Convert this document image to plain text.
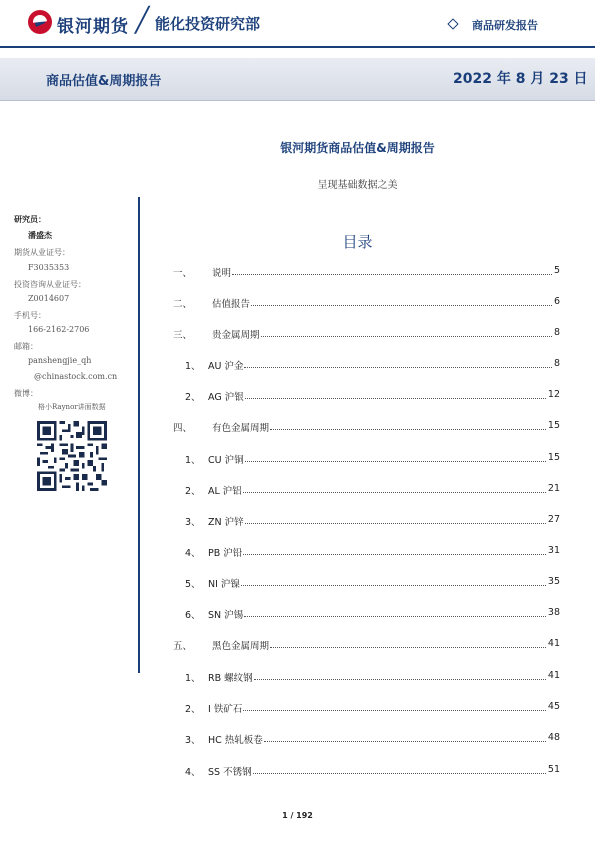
银河期货 ╱ 能化投资研究部	商品研发报告
商品估值&周期报告	2022 年 8 月 23 日
银河期货商品估值&周期报告
呈现基础数据之美
目录
研究员：
潘盛杰
期货从业证号：
F3035353
投资咨询从业证号：
Z0014607
手机号：
166-2162-2706
邮箱：
panshengjie_qh
@chinastock.com.cn
微博：
格小Raynor讲面数据
一、 说明	5
二、 估值报告	6
三、 贵金属周期	8
1、 AU 沪金	8
2、 AG 沪银	12
四、 有色金属周期	15
1、 CU 沪铜	15
2、 AL 沪铝	21
3、 ZN 沪锌	27
4、 PB 沪铅	31
5、 NI 沪镍	35
6、 SN 沪锡	38
五、 黑色金属周期	41
1、 RB 螺纹钢	41
2、 I 铁矿石	45
3、 HC 热轧板卷	48
4、 SS 不锈钢	51
1 / 192
